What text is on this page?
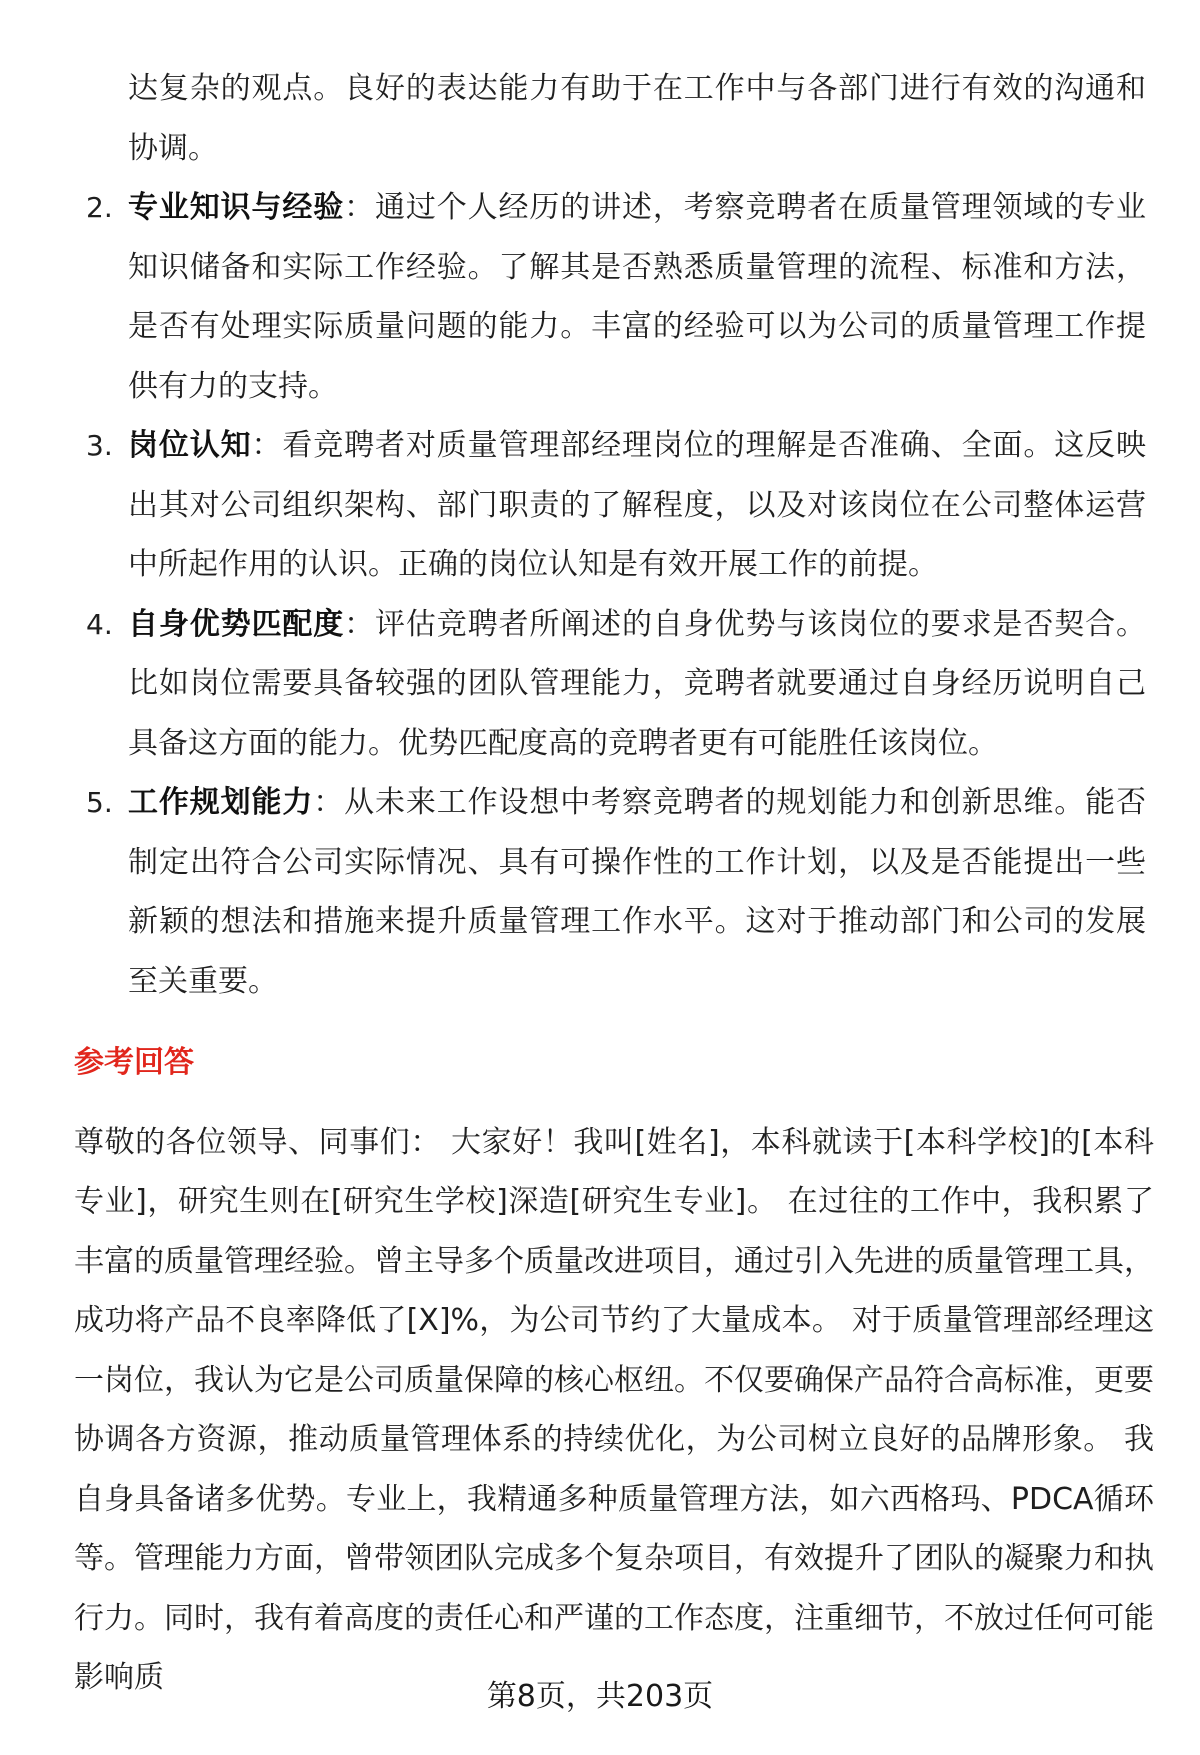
达复杂的观点。良好的表达能力有助于在工作中与各部门进行有效的沟通和协调。
2. 专业知识与经验：通过个人经历的讲述，考察竞聘者在质量管理领域的专业知识储备和实际工作经验。了解其是否熟悉质量管理的流程、标准和方法，是否有处理实际质量问题的能力。丰富的经验可以为公司的质量管理工作提供有力的支持。
3. 岗位认知：看竞聘者对质量管理部经理岗位的理解是否准确、全面。这反映出其对公司组织架构、部门职责的了解程度，以及对该岗位在公司整体运营中所起作用的认识。正确的岗位认知是有效开展工作的前提。
4. 自身优势匹配度：评估竞聘者所阐述的自身优势与该岗位的要求是否契合。比如岗位需要具备较强的团队管理能力，竞聘者就要通过自身经历说明自己具备这方面的能力。优势匹配度高的竞聘者更有可能胜任该岗位。
5. 工作规划能力：从未来工作设想中考察竞聘者的规划能力和创新思维。能否制定出符合公司实际情况、具有可操作性的工作计划，以及是否能提出一些新颖的想法和措施来提升质量管理工作水平。这对于推动部门和公司的发展至关重要。
参考回答

尊敬的各位领导、同事们： 大家好！我叫[姓名]，本科就读于[本科学校]的[本科专业]，研究生则在[研究生学校]深造[研究生专业]。 在过往的工作中，我积累了丰富的质量管理经验。曾主导多个质量改进项目，通过引入先进的质量管理工具，成功将产品不良率降低了[X]%，为公司节约了大量成本。 对于质量管理部经理这一岗位，我认为它是公司质量保障的核心枢纽。不仅要确保产品符合高标准，更要协调各方资源，推动质量管理体系的持续优化，为公司树立良好的品牌形象。 我自身具备诸多优势。专业上，我精通多种质量管理方法，如六西格玛、PDCA循环等。管理能力方面，曾带领团队完成多个复杂项目，有效提升了团队的凝聚力和执行力。同时，我有着高度的责任心和严谨的工作态度，注重细节，不放过任何可能影响质

第8页，共203页
